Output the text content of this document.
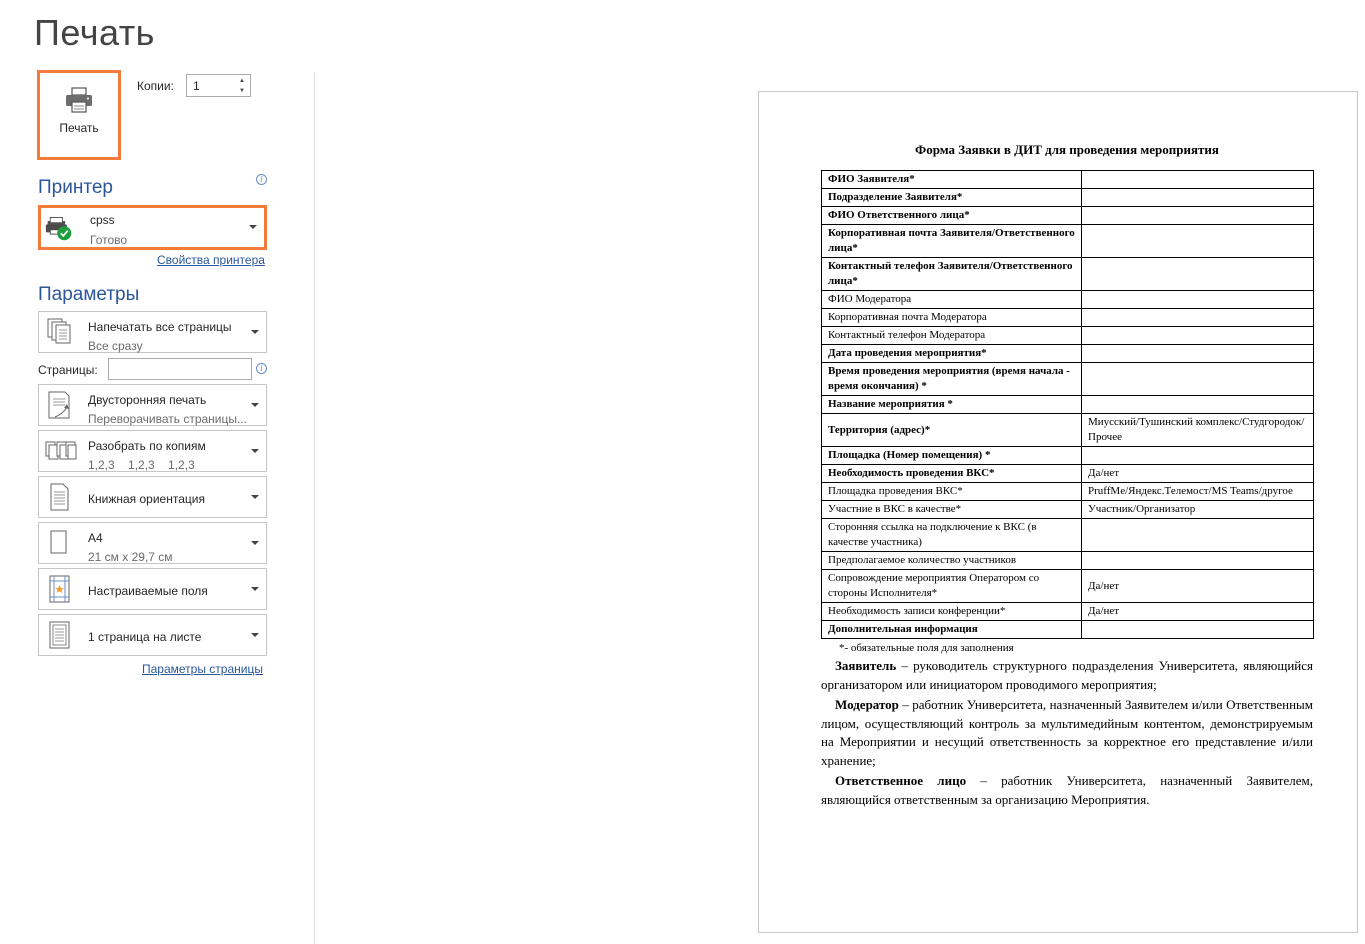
Печать
Печать
Копии: 1	▲
▼
Принтер	i
cpss
Готово
Свойства принтера
Параметры
Напечатать все страницы
Все сразу
Страницы:	i
Двусторонняя печать
Переворачивать страницы...
Разобрать по копиям
1,2,3    1,2,3    1,2,3
Книжная ориентация
A4
21 см x 29,7 см
Настраиваемые поля
1 страница на листе
Параметры страницы
Форма Заявки в ДИТ для проведения мероприятия
ФИО Заявителя*	
Подразделение Заявителя*	
ФИО Ответственного лица*	
Корпоративная почта Заявителя/Ответственного лица*	
Контактный телефон Заявителя/Ответственного лица*	
ФИО Модератора	
Корпоративная почта Модератора	
Контактный телефон Модератора	
Дата проведения мероприятия*	
Время проведения мероприятия (время начала - время окончания) *	
Название мероприятия *	
Территория (адрес)*	Миусский/Тушинский комплекс/Студгородок/Прочее
Площадка (Номер помещения) *	
Необходимость проведения ВКС*	Да/нет
Площадка проведения ВКС*	PruffMe/Яндекс.Телемост/MS Teams/другое
Участние в ВКС в качестве*	Участник/Организатор
Сторонняя ссылка на подключение к ВКС (в качестве участника)	
Предполагаемое количество участников	
Сопровождение мероприятия Оператором со стороны Исполнителя*	Да/нет
Необходимость записи конференции*	Да/нет
Дополнительная информация	
*- обязательные поля для заполнения

Заявитель – руководитель структурного подразделения Университета, являющийся организатором или инициатором проводимого мероприятия;

Модератор – работник Университета, назначенный Заявителем и/или Ответственным лицом, осуществляющий контроль за мультимедийным контентом, демонстрируемым на Мероприятии и несущий ответственность за корректное его представление и/или хранение;

Ответственное лицо – работник Университета, назначенный Заявителем, являющийся ответственным за организацию Мероприятия.
